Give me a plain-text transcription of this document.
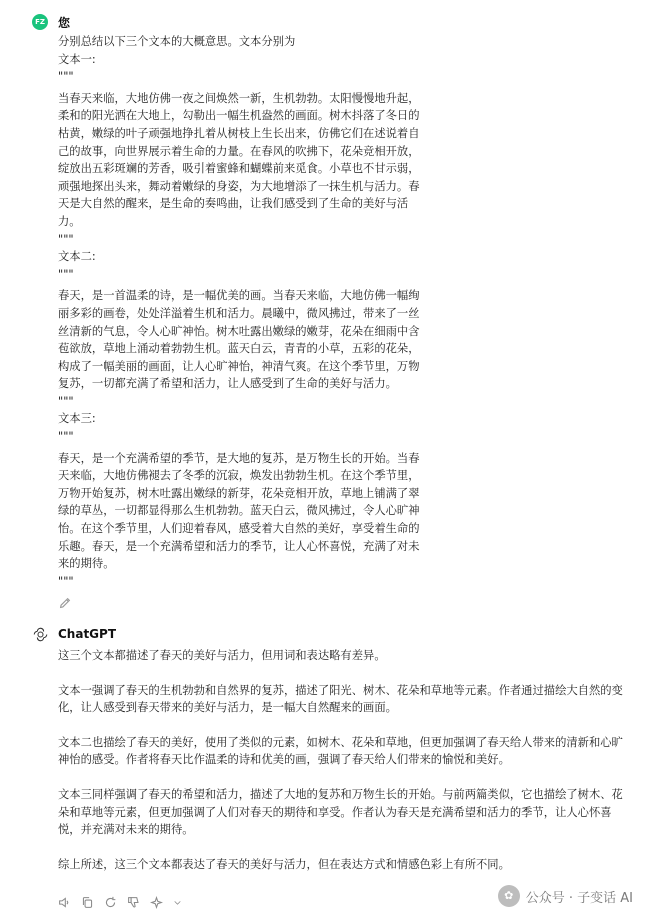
FZ 您
分别总结以下三个文本的大概意思。文本分别为
文本一:
"""
当春天来临，大地仿佛一夜之间焕然一新，生机勃勃。太阳慢慢地升起，
柔和的阳光洒在大地上，勾勒出一幅生机盎然的画面。树木抖落了冬日的
枯黄，嫩绿的叶子顽强地挣扎着从树枝上生长出来，仿佛它们在述说着自
己的故事，向世界展示着生命的力量。在春风的吹拂下，花朵竞相开放，
绽放出五彩斑斓的芳香，吸引着蜜蜂和蝴蝶前来觅食。小草也不甘示弱，
顽强地探出头来，舞动着嫩绿的身姿，为大地增添了一抹生机与活力。春
天是大自然的醒来，是生命的奏鸣曲，让我们感受到了生命的美好与活
力。
"""
文本二:
"""
春天，是一首温柔的诗，是一幅优美的画。当春天来临，大地仿佛一幅绚
丽多彩的画卷，处处洋溢着生机和活力。晨曦中，微风拂过，带来了一丝
丝清新的气息，令人心旷神怡。树木吐露出嫩绿的嫩芽，花朵在细雨中含
苞欲放，草地上涌动着勃勃生机。蓝天白云，青青的小草，五彩的花朵，
构成了一幅美丽的画面，让人心旷神怡，神清气爽。在这个季节里，万物
复苏，一切都充满了希望和活力，让人感受到了生命的美好与活力。
"""
文本三:
"""
春天，是一个充满希望的季节，是大地的复苏，是万物生长的开始。当春
天来临，大地仿佛褪去了冬季的沉寂，焕发出勃勃生机。在这个季节里，
万物开始复苏，树木吐露出嫩绿的新芽，花朵竞相开放，草地上铺满了翠
绿的草丛，一切都显得那么生机勃勃。蓝天白云，微风拂过，令人心旷神
怡。在这个季节里，人们迎着春风，感受着大自然的美好，享受着生命的
乐趣。春天，是一个充满希望和活力的季节，让人心怀喜悦，充满了对未
来的期待。
"""
ChatGPT

这三个文本都描述了春天的美好与活力，但用词和表达略有差异。

文本一强调了春天的生机勃勃和自然界的复苏，描述了阳光、树木、花朵和草地等元素。作者通过描绘大自然的变化，让人感受到春天带来的美好与活力，是一幅大自然醒来的画面。

文本二也描绘了春天的美好，使用了类似的元素，如树木、花朵和草地，但更加强调了春天给人带来的清新和心旷神怡的感受。作者将春天比作温柔的诗和优美的画，强调了春天给人们带来的愉悦和美好。

文本三同样强调了春天的希望和活力，描述了大地的复苏和万物生长的开始。与前两篇类似，它也描绘了树木、花朵和草地等元素，但更加强调了人们对春天的期待和享受。作者认为春天是充满希望和活力的季节，让人心怀喜悦，并充满对未来的期待。

综上所述，这三个文本都表达了春天的美好与活力，但在表达方式和情感色彩上有所不同。

✿ 公众号 · 子变话 AI
